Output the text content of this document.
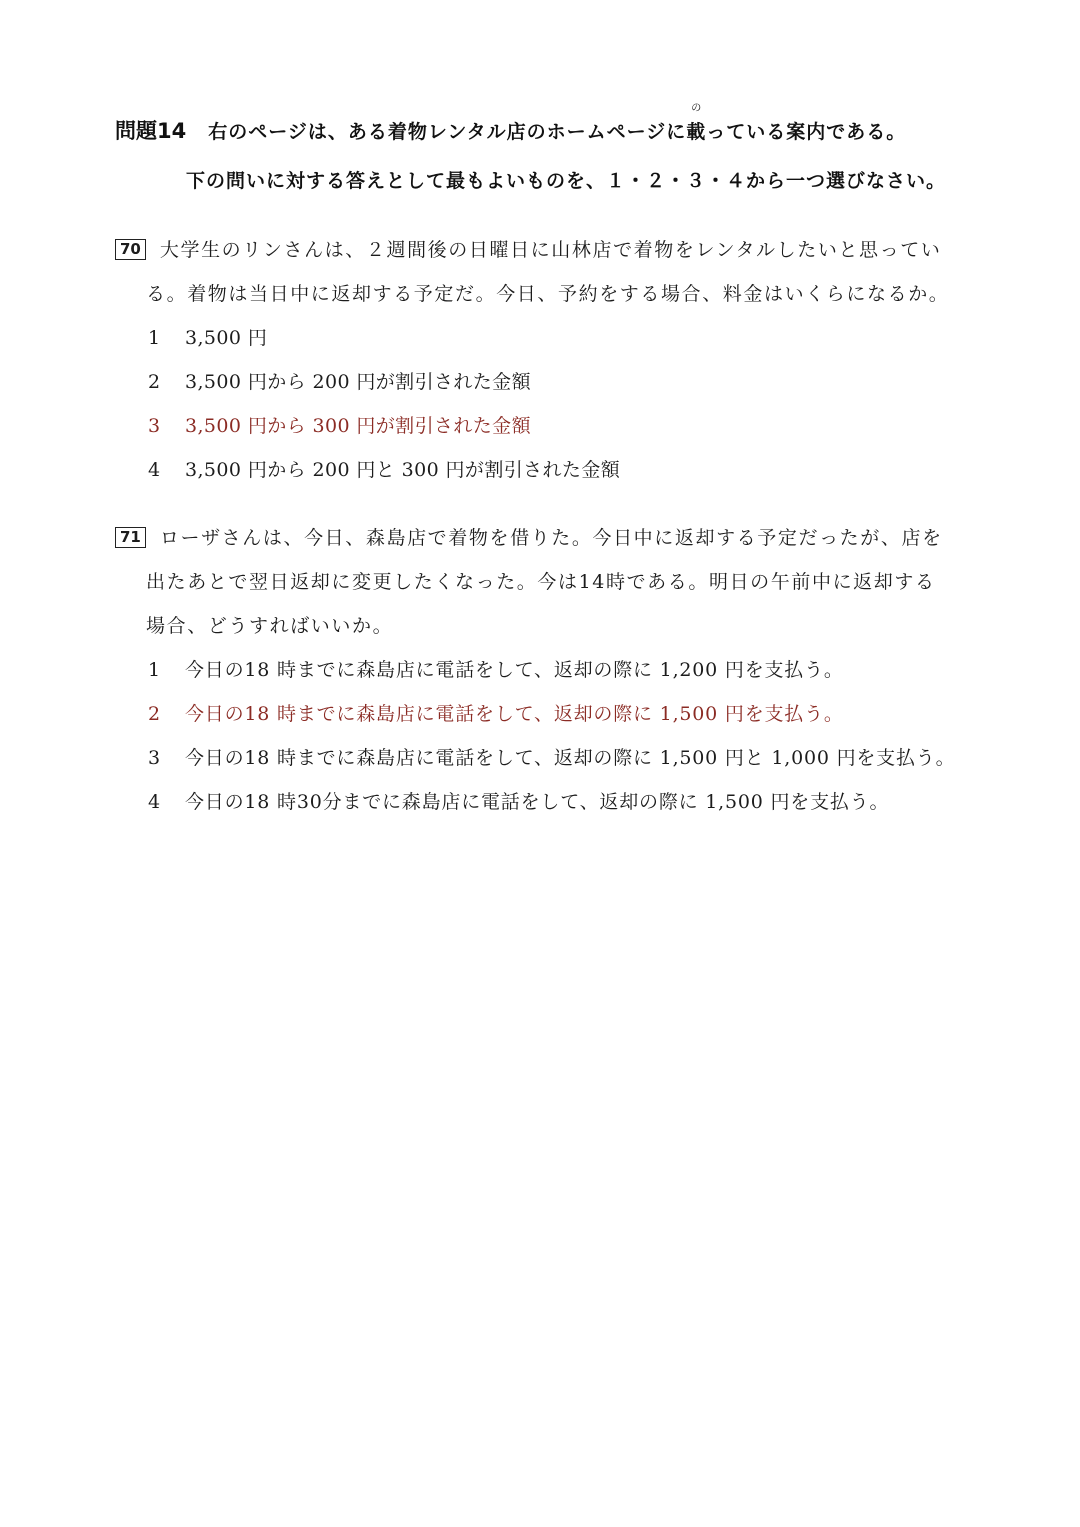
問題14 右のページは、ある着物レンタル店のホームページに
の
載っている案内である。
下の問いに対する答えとして最もよいものを、１・２・３・４から一つ選びなさい。
70 大学生のリンさんは、２週間後の日曜日に山林店で着物をレンタルしたいと思ってい
る。着物は当日中に返却する予定だ。今日、予約をする場合、料金はいくらになるか。
1	3,500 円
2	3,500 円から 200 円が割引された金額
3	3,500 円から 300 円が割引された金額
4	3,500 円から 200 円と 300 円が割引された金額
71 ローザさんは、今日、森島店で着物を借りた。今日中に返却する予定だったが、店を
出たあとで翌日返却に変更したくなった。今は14時である。明日の午前中に返却する
場合、どうすればいいか。
1	今日の18 時までに森島店に電話をして、返却の際に 1,200 円を支払う。
2	今日の18 時までに森島店に電話をして、返却の際に 1,500 円を支払う。
3	今日の18 時までに森島店に電話をして、返却の際に 1,500 円と 1,000 円を支払う。
4	今日の18 時30分までに森島店に電話をして、返却の際に 1,500 円を支払う。
